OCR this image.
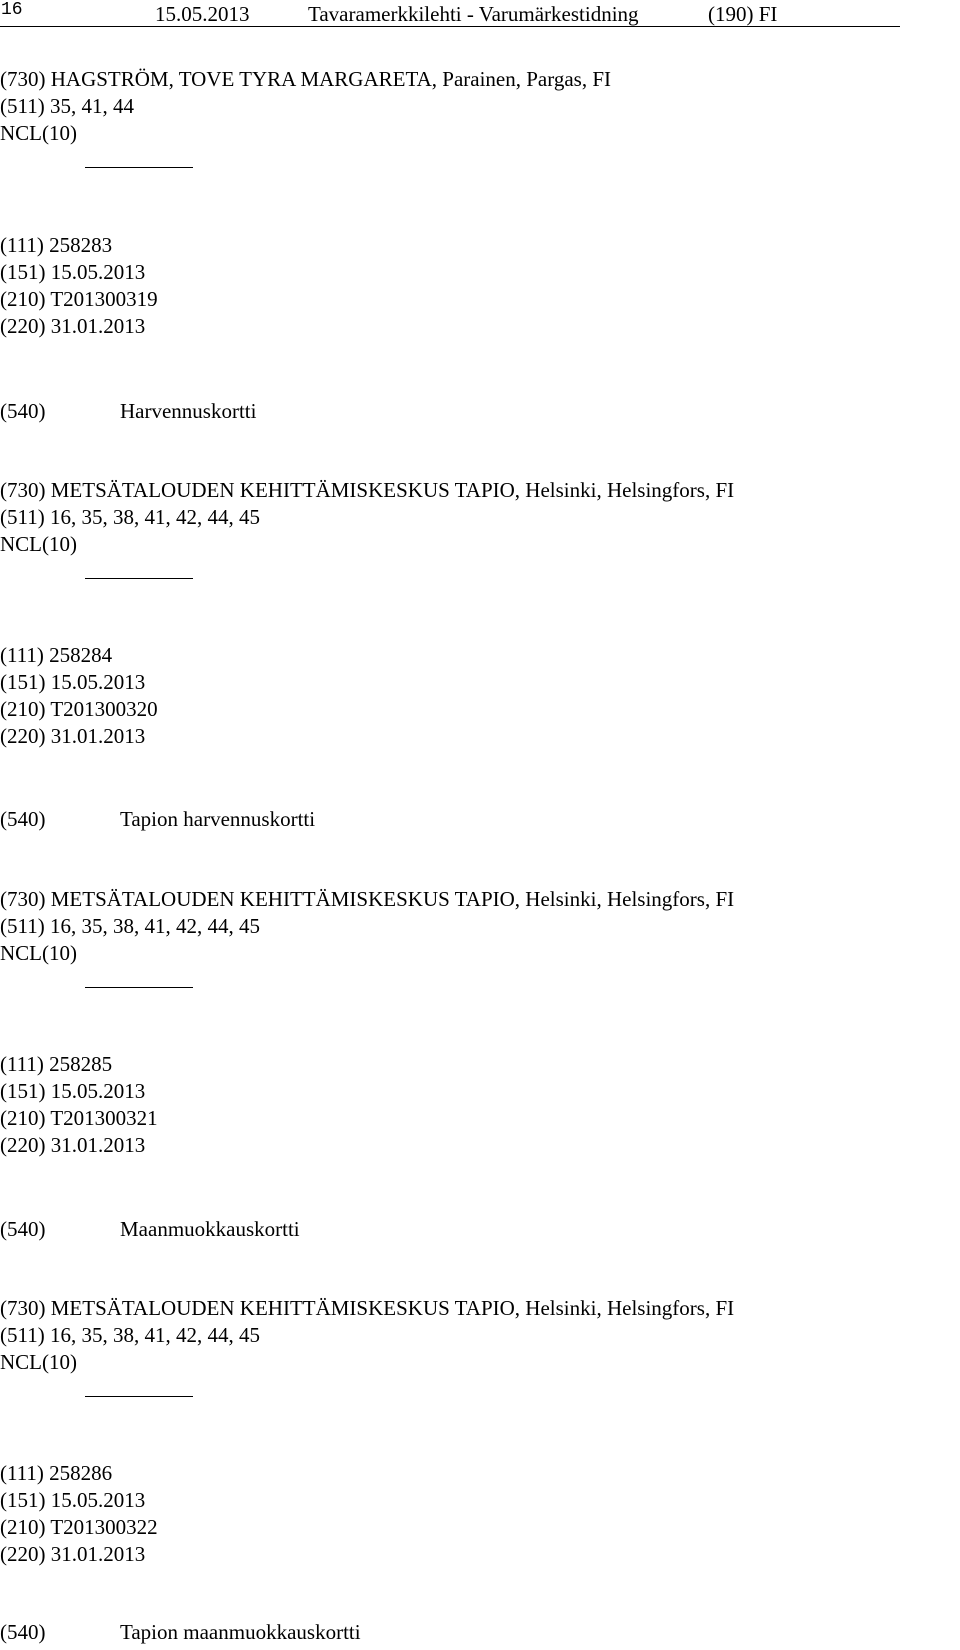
16	15.05.2013	Tavaramerkkilehti - Varumärkestidning	(190) FI
(730) HAGSTRÖM, TOVE TYRA MARGARETA, Parainen, Pargas, FI
(511) 35, 41, 44
NCL(10)
(111) 258283
(151) 15.05.2013
(210) T201300319
(220) 31.01.2013
(540)	Harvennuskortti
(730) METSÄTALOUDEN KEHITTÄMISKESKUS TAPIO, Helsinki, Helsingfors, FI
(511) 16, 35, 38, 41, 42, 44, 45
NCL(10)
(111) 258284
(151) 15.05.2013
(210) T201300320
(220) 31.01.2013
(540)	Tapion harvennuskortti
(730) METSÄTALOUDEN KEHITTÄMISKESKUS TAPIO, Helsinki, Helsingfors, FI
(511) 16, 35, 38, 41, 42, 44, 45
NCL(10)
(111) 258285
(151) 15.05.2013
(210) T201300321
(220) 31.01.2013
(540)	Maanmuokkauskortti
(730) METSÄTALOUDEN KEHITTÄMISKESKUS TAPIO, Helsinki, Helsingfors, FI
(511) 16, 35, 38, 41, 42, 44, 45
NCL(10)
(111) 258286
(151) 15.05.2013
(210) T201300322
(220) 31.01.2013
(540)	Tapion maanmuokkauskortti
